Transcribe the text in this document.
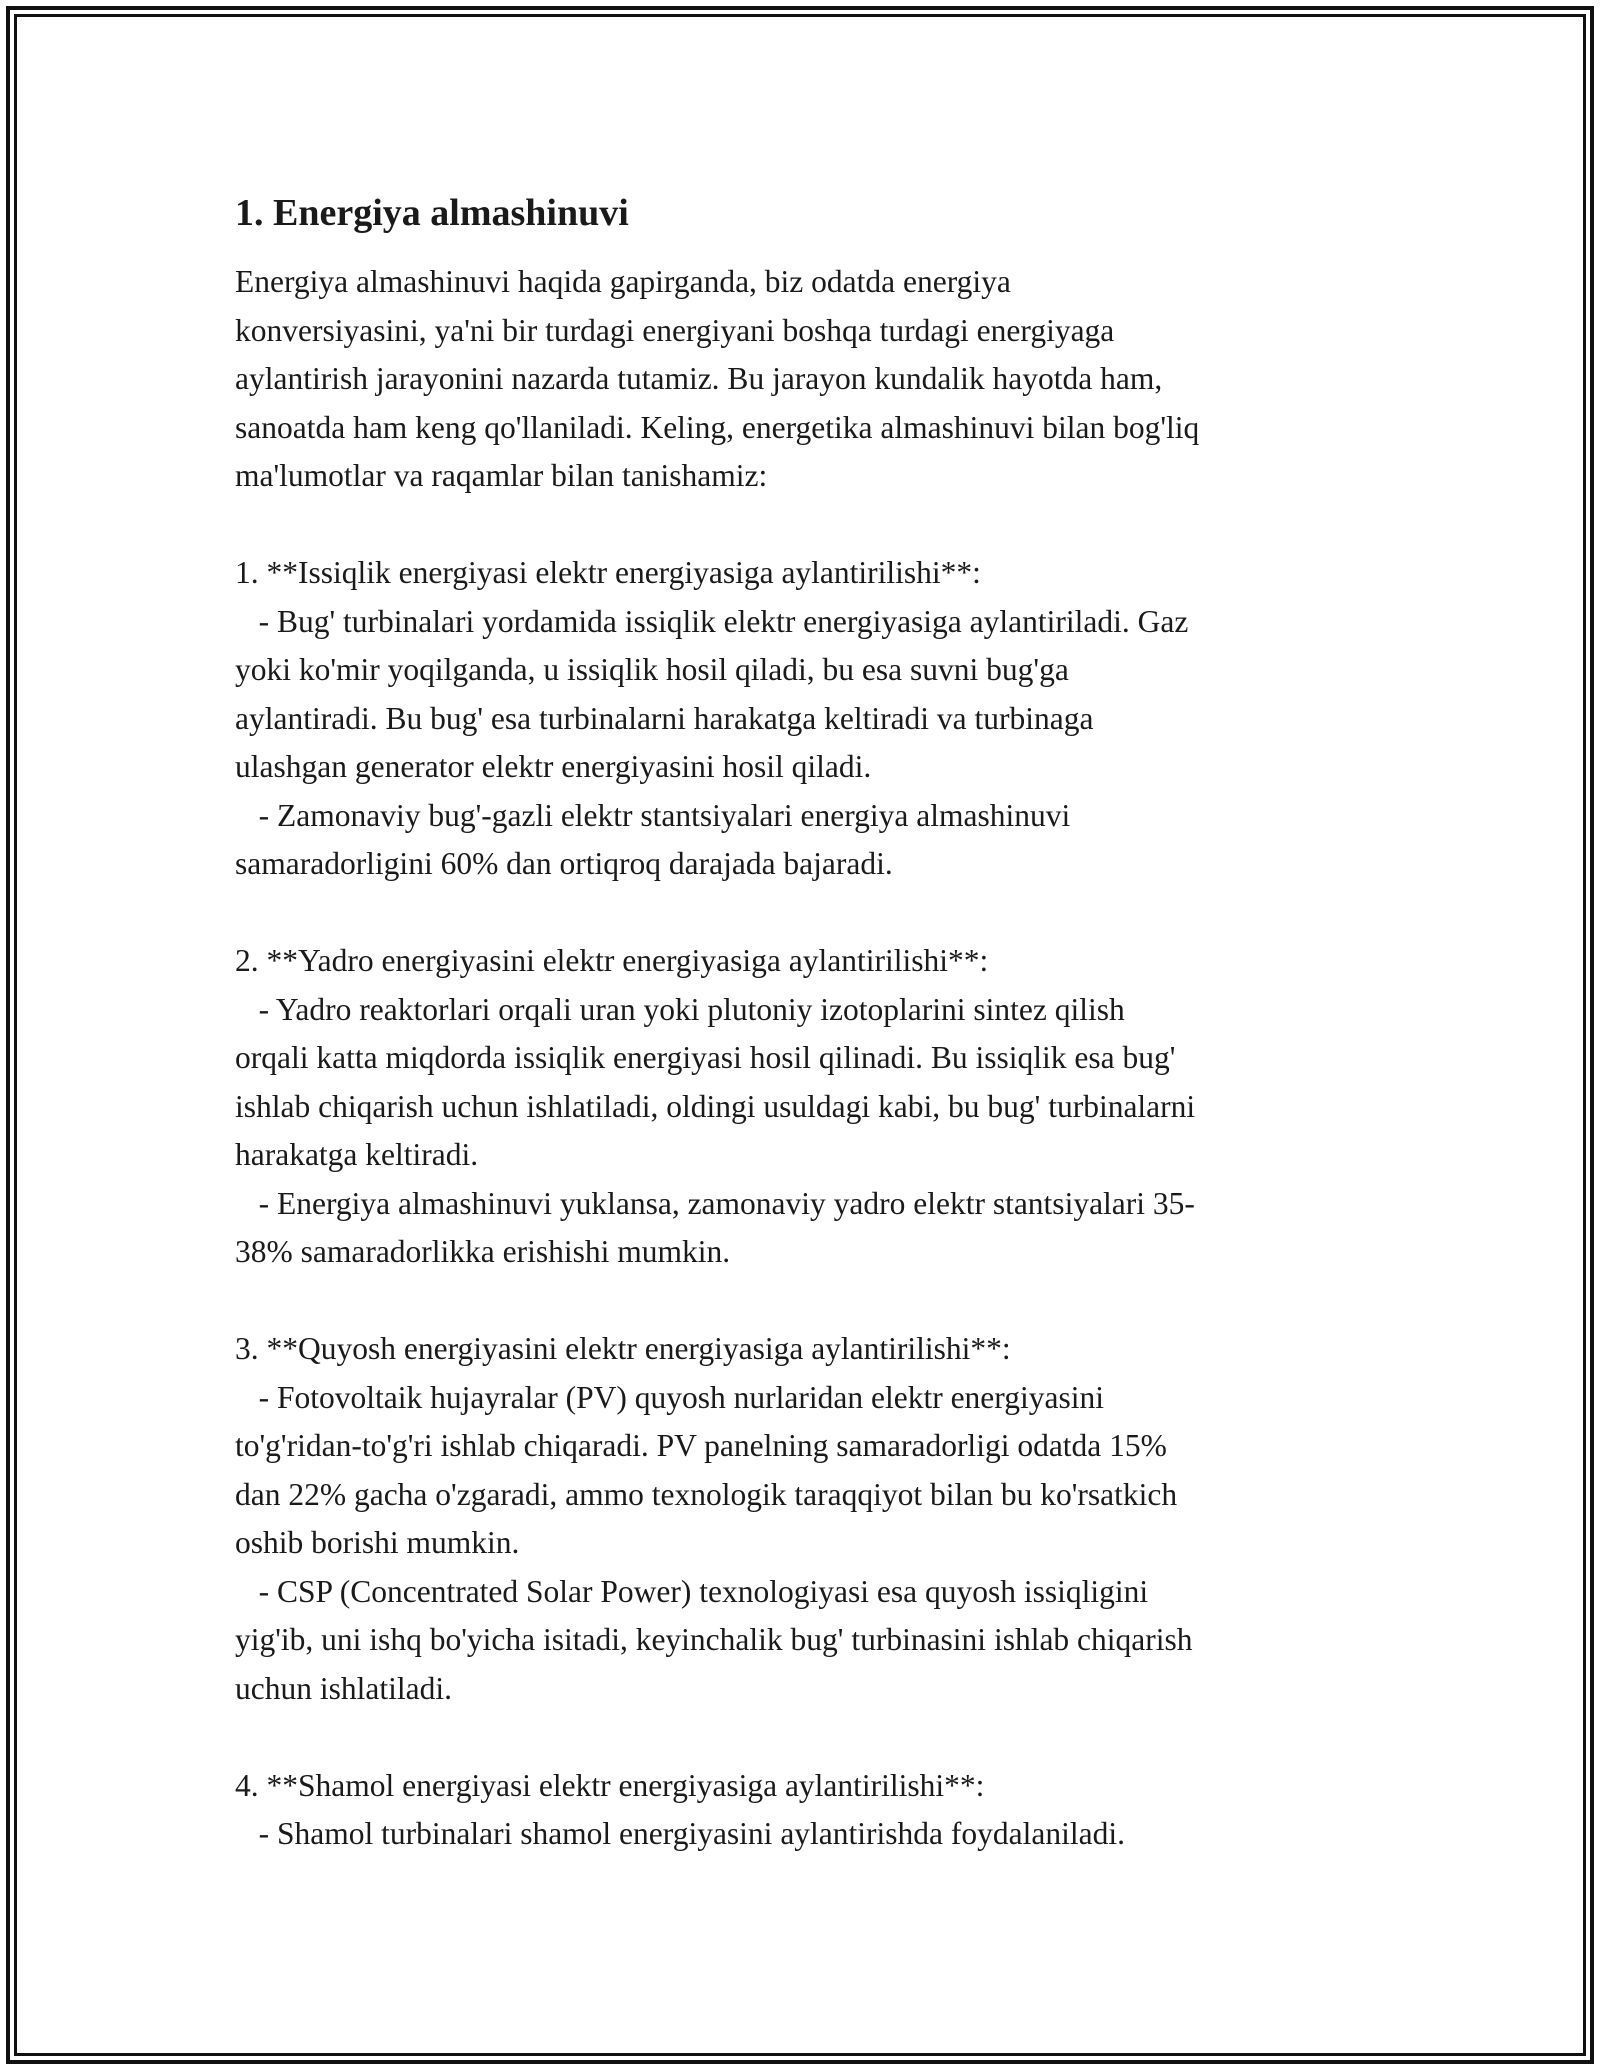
1. Energiya almashinuvi

Energiya almashinuvi haqida gapirganda, biz odatda energiya
konversiyasini, ya'ni bir turdagi energiyani boshqa turdagi energiyaga
aylantirish jarayonini nazarda tutamiz. Bu jarayon kundalik hayotda ham,
sanoatda ham keng qo'llaniladi. Keling, energetika almashinuvi bilan bog'liq
ma'lumotlar va raqamlar bilan tanishamiz:

1. **Issiqlik energiyasi elektr energiyasiga aylantirilishi**:

- Bug' turbinalari yordamida issiqlik elektr energiyasiga aylantiriladi. Gaz
yoki ko'mir yoqilganda, u issiqlik hosil qiladi, bu esa suvni bug'ga
aylantiradi. Bu bug' esa turbinalarni harakatga keltiradi va turbinaga
ulashgan generator elektr energiyasini hosil qiladi.

- Zamonaviy bug'-gazli elektr stantsiyalari energiya almashinuvi
samaradorligini 60% dan ortiqroq darajada bajaradi.

2. **Yadro energiyasini elektr energiyasiga aylantirilishi**:

- Yadro reaktorlari orqali uran yoki plutoniy izotoplarini sintez qilish
orqali katta miqdorda issiqlik energiyasi hosil qilinadi. Bu issiqlik esa bug'
ishlab chiqarish uchun ishlatiladi, oldingi usuldagi kabi, bu bug' turbinalarni
harakatga keltiradi.

- Energiya almashinuvi yuklansa, zamonaviy yadro elektr stantsiyalari 35-
38% samaradorlikka erishishi mumkin.

3. **Quyosh energiyasini elektr energiyasiga aylantirilishi**:

- Fotovoltaik hujayralar (PV) quyosh nurlaridan elektr energiyasini
to'g'ridan-to'g'ri ishlab chiqaradi. PV panelning samaradorligi odatda 15%
dan 22% gacha o'zgaradi, ammo texnologik taraqqiyot bilan bu ko'rsatkich
oshib borishi mumkin.

- CSP (Concentrated Solar Power) texnologiyasi esa quyosh issiqligini
yig'ib, uni ishq bo'yicha isitadi, keyinchalik bug' turbinasini ishlab chiqarish
uchun ishlatiladi.

4. **Shamol energiyasi elektr energiyasiga aylantirilishi**:

- Shamol turbinalari shamol energiyasini aylantirishda foydalaniladi.
